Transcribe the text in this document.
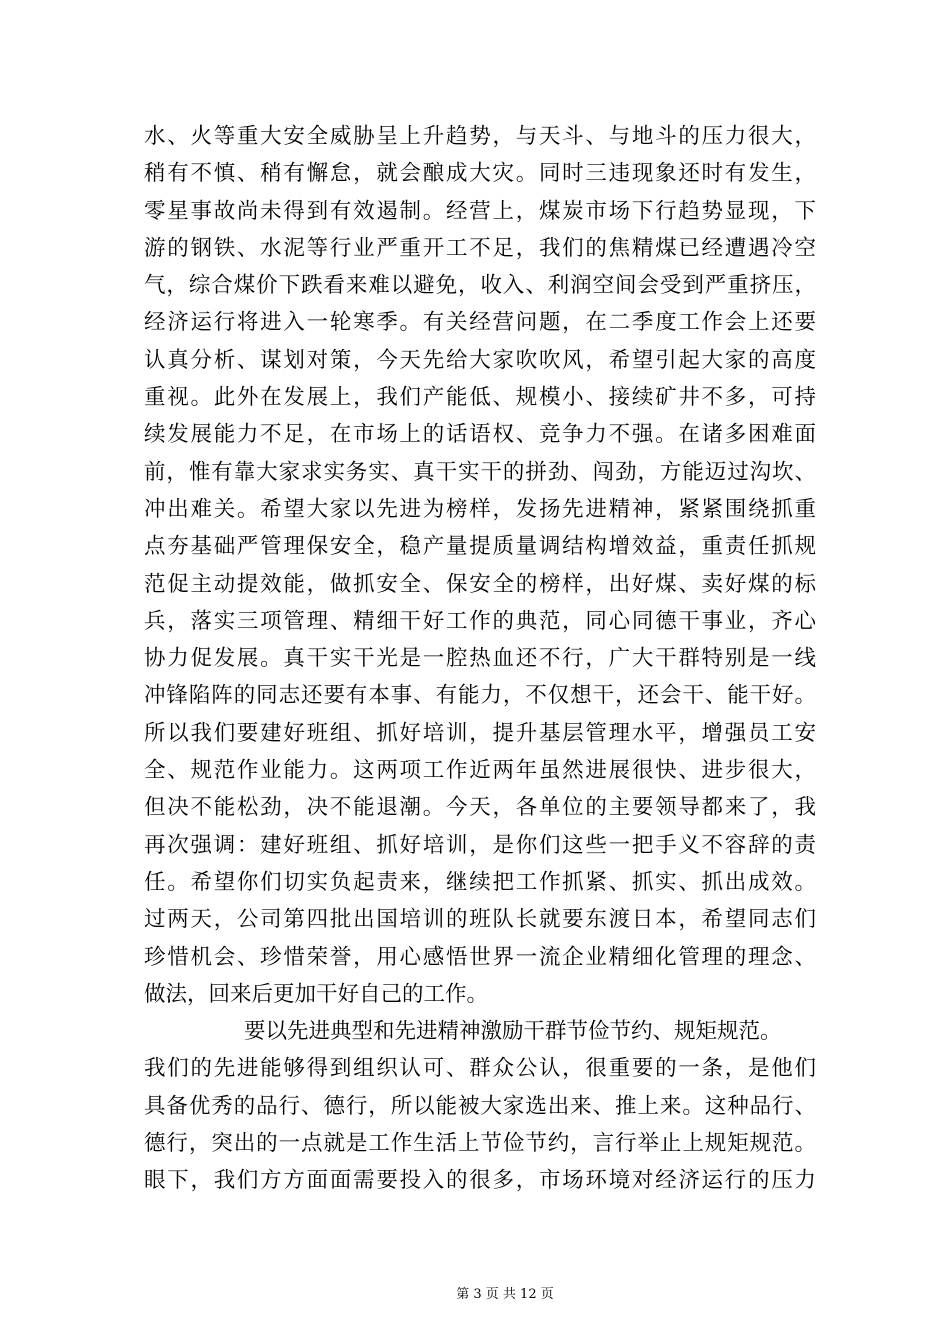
水、火等重大安全威胁呈上升趋势，与天斗、与地斗的压力很大，
稍有不慎、稍有懈怠，就会酿成大灾。同时三违现象还时有发生，
零星事故尚未得到有效遏制。经营上，煤炭市场下行趋势显现，下
游的钢铁、水泥等行业严重开工不足，我们的焦精煤已经遭遇冷空
气，综合煤价下跌看来难以避免，收入、利润空间会受到严重挤压，
经济运行将进入一轮寒季。有关经营问题，在二季度工作会上还要
认真分析、谋划对策，今天先给大家吹吹风，希望引起大家的高度
重视。此外在发展上，我们产能低、规模小、接续矿井不多，可持
续发展能力不足，在市场上的话语权、竞争力不强。在诸多困难面
前，惟有靠大家求实务实、真干实干的拼劲、闯劲，方能迈过沟坎、
冲出难关。希望大家以先进为榜样，发扬先进精神，紧紧围绕抓重
点夯基础严管理保安全，稳产量提质量调结构增效益，重责任抓规
范促主动提效能，做抓安全、保安全的榜样，出好煤、卖好煤的标
兵，落实三项管理、精细干好工作的典范，同心同德干事业，齐心
协力促发展。真干实干光是一腔热血还不行，广大干群特别是一线
冲锋陷阵的同志还要有本事、有能力，不仅想干，还会干、能干好。
所以我们要建好班组、抓好培训，提升基层管理水平，增强员工安
全、规范作业能力。这两项工作近两年虽然进展很快、进步很大，
但决不能松劲，决不能退潮。今天，各单位的主要领导都来了，我
再次强调：建好班组、抓好培训，是你们这些一把手义不容辞的责
任。希望你们切实负起责来，继续把工作抓紧、抓实、抓出成效。
过两天，公司第四批出国培训的班队长就要东渡日本，希望同志们
珍惜机会、珍惜荣誉，用心感悟世界一流企业精细化管理的理念、
做法，回来后更加干好自己的工作。
要以先进典型和先进精神激励干群节俭节约、规矩规范。
我们的先进能够得到组织认可、群众公认，很重要的一条，是他们
具备优秀的品行、德行，所以能被大家选出来、推上来。这种品行、
德行，突出的一点就是工作生活上节俭节约，言行举止上规矩规范。
眼下，我们方方面面需要投入的很多，市场环境对经济运行的压力
第 3 页 共 12 页
